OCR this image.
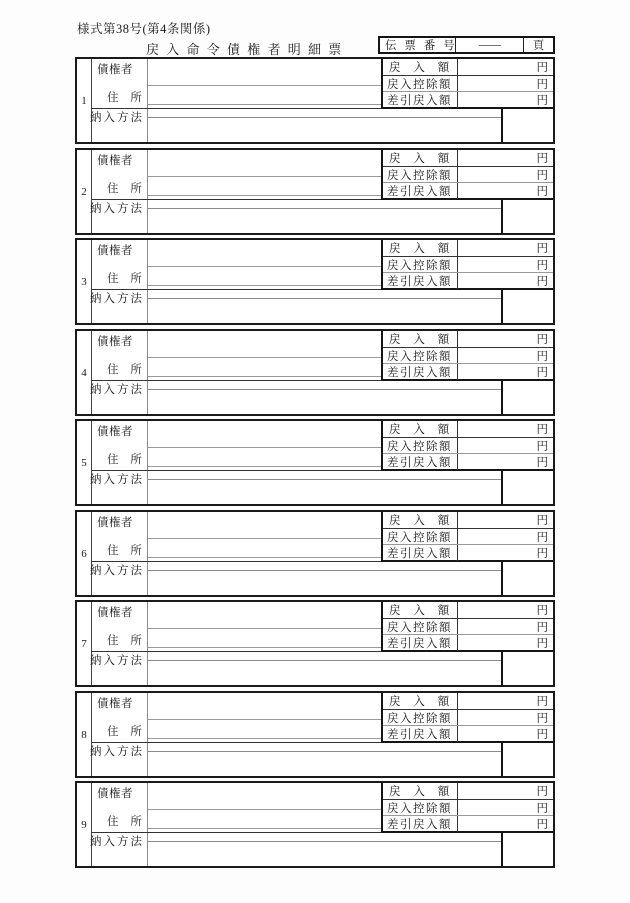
様式第38号(第4条関係)
戻 入 命 令 債 権 者 明 細 票	伝 票 番 号 —	頁
1
債権者
住 所
納入方法
戻 入 額	円
戻入控除額	円
差引戻入額	円
2
債権者
住 所
納入方法
戻 入 額	円
戻入控除額	円
差引戻入額	円
3
債権者
住 所
納入方法
戻 入 額	円
戻入控除額	円
差引戻入額	円
4
債権者
住 所
納入方法
戻 入 額	円
戻入控除額	円
差引戻入額	円
5
債権者
住 所
納入方法
戻 入 額	円
戻入控除額	円
差引戻入額	円
6
債権者
住 所
納入方法
戻 入 額	円
戻入控除額	円
差引戻入額	円
7
債権者
住 所
納入方法
戻 入 額	円
戻入控除額	円
差引戻入額	円
8
債権者
住 所
納入方法
戻 入 額	円
戻入控除額	円
差引戻入額	円
9
債権者
住 所
納入方法
戻 入 額	円
戻入控除額	円
差引戻入額	円
